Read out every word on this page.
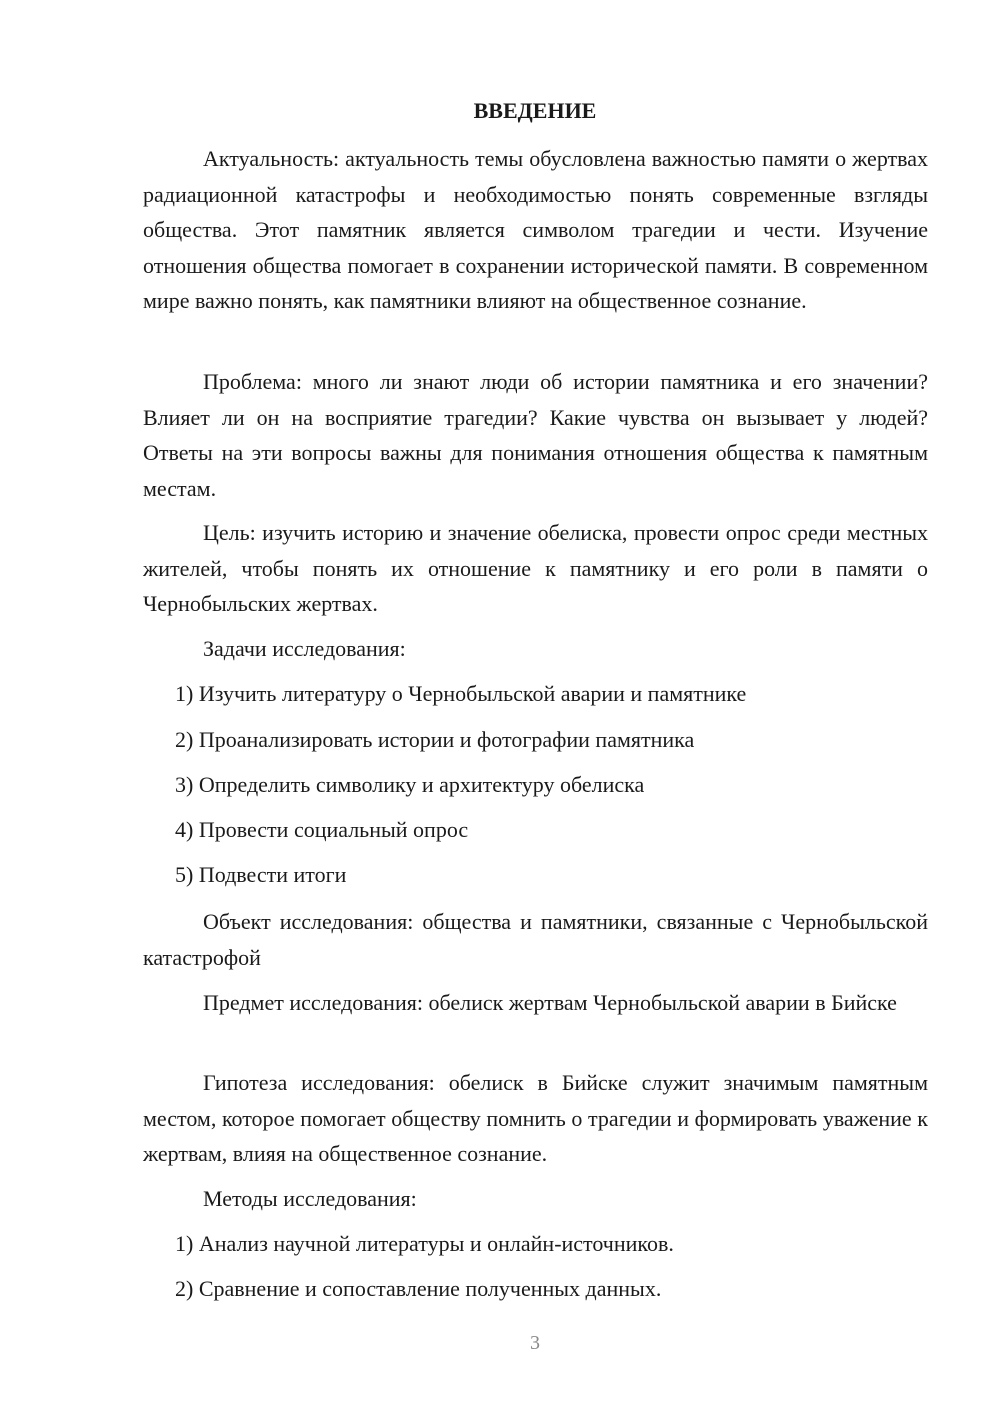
ВВЕДЕНИЕ

Актуальность: актуальность темы обусловлена важностью памяти о жертвах радиационной катастрофы и необходимостью понять современные взгляды общества. Этот памятник является символом трагедии и чести. Изучение отношения общества помогает в сохранении исторической памяти. В современном мире важно понять, как памятники влияют на общественное сознание.

Проблема: много ли знают люди об истории памятника и его значении? Влияет ли он на восприятие трагедии? Какие чувства он вызывает у людей? Ответы на эти вопросы важны для понимания отношения общества к памятным местам.

Цель: изучить историю и значение обелиска, провести опрос среди местных жителей, чтобы понять их отношение к памятнику и его роли в памяти о Чернобыльских жертвах.

Задачи исследования:

1) Изучить литературу о Чернобыльской аварии и памятнике

2) Проанализировать истории и фотографии памятника

3) Определить символику и архитектуру обелиска

4) Провести социальный опрос

5) Подвести итоги

Объект исследования: общества и памятники, связанные с Чернобыльской катастрофой

Предмет исследования: обелиск жертвам Чернобыльской аварии в Бийске

Гипотеза исследования: обелиск в Бийске служит значимым памятным местом, которое помогает обществу помнить о трагедии и формировать уважение к жертвам, влияя на общественное сознание.

Методы исследования:

1) Анализ научной литературы и онлайн-источников.

2) Сравнение и сопоставление полученных данных.

3
